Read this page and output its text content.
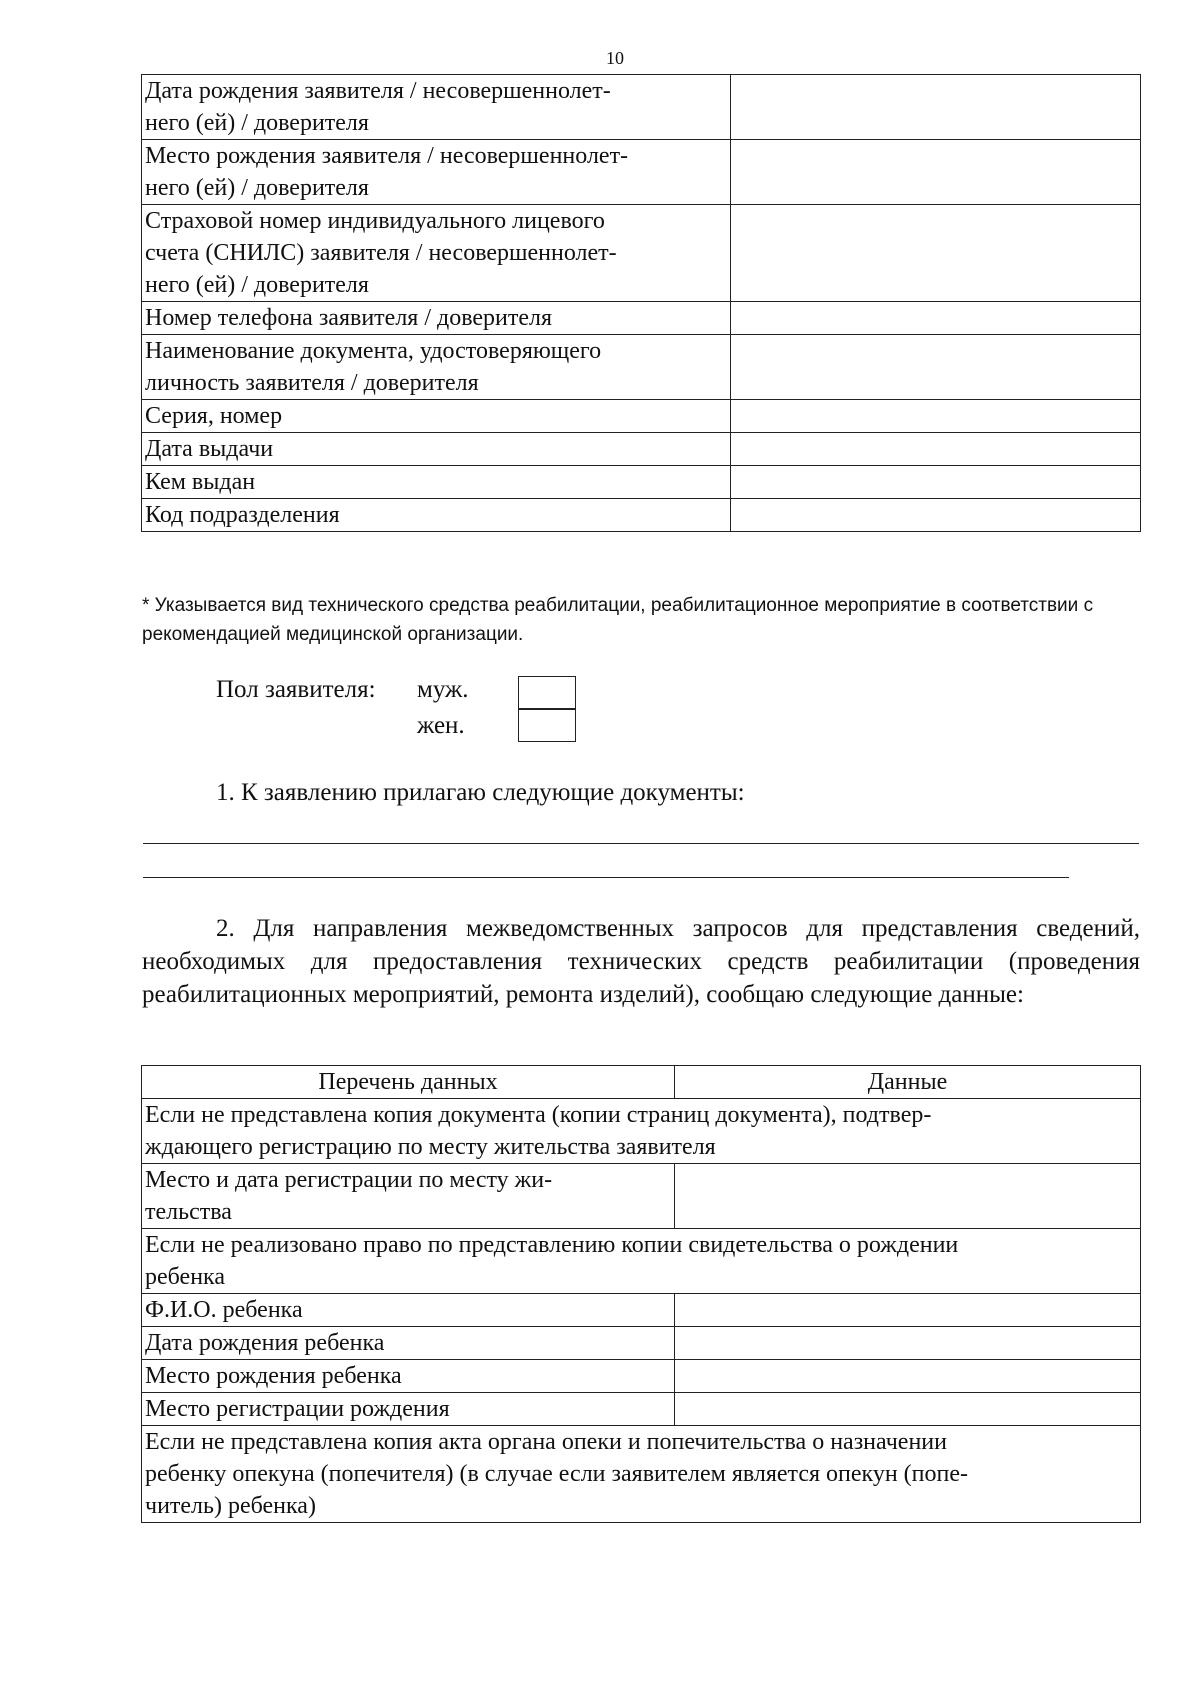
10
Дата рождения заявителя / несовершеннолет-
него (ей) / доверителя	

Место рождения заявителя / несовершеннолет-
него (ей) / доверителя	

Страховой номер индивидуального лицевого
счета (СНИЛС) заявителя / несовершеннолет-
него (ей) / доверителя	

Номер телефона заявителя / доверителя	

Наименование документа, удостоверяющего
личность заявителя / доверителя	

Серия, номер	

Дата выдачи	

Кем выдан	

Код подразделения	

* Указывается вид технического средства реабилитации, реабилитационное мероприятие в соответствии с рекомендацией медицинской организации.
Пол заявителя: муж.
жен.
1. К заявлению прилагаю следующие документы:
2. Для направления межведомственных запросов для представления сведений, необходимых для предоставления технических средств реабилитации (проведения реабилитационных мероприятий, ремонта изделий), сообщаю следующие данные:
Перечень данных	Данные

Если не представлена копия документа (копии страниц документа), подтвер-
ждающего регистрацию по месту жительства заявителя	

Место и дата регистрации по месту жи-
тельства	

Если не реализовано право по представлению копии свидетельства о рождении
ребенка	

Ф.И.О. ребенка	

Дата рождения ребенка	

Место рождения ребенка	

Место регистрации рождения	

Если не представлена копия акта органа опеки и попечительства о назначении
ребенку опекуна (попечителя) (в случае если заявителем является опекун (попе-
читель) ребенка)	
